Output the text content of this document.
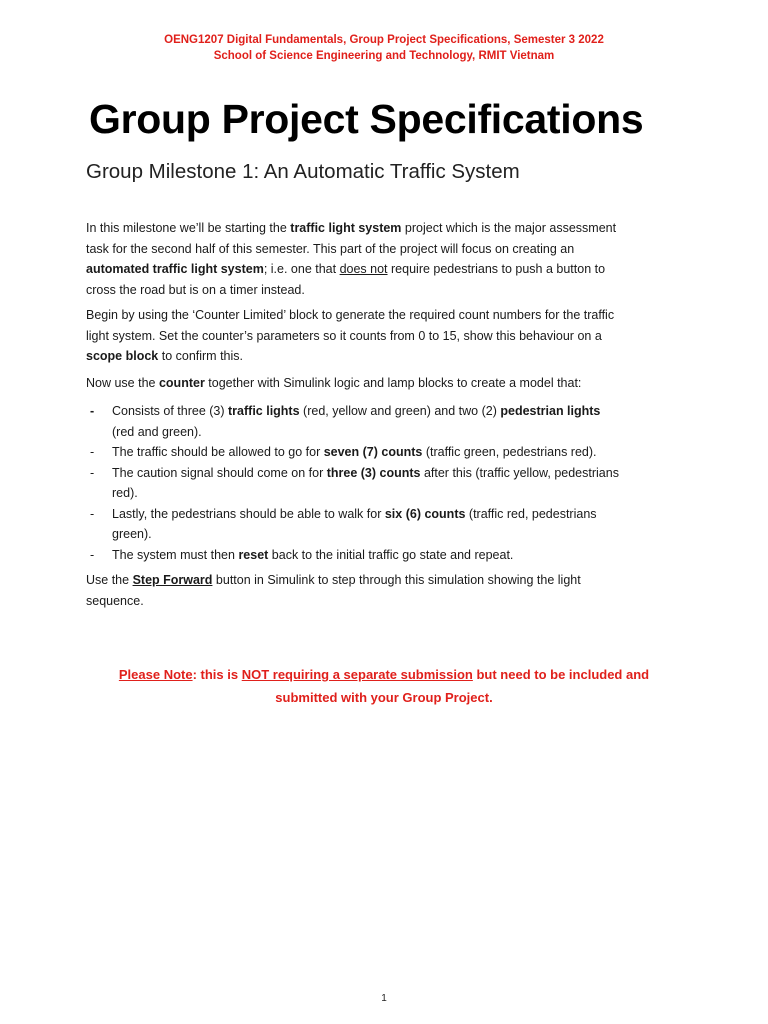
OENG1207 Digital Fundamentals, Group Project Specifications, Semester 3 2022
School of Science Engineering and Technology, RMIT Vietnam
Group Project Specifications
Group Milestone 1: An Automatic Traffic System
In this milestone we’ll be starting the traffic light system project which is the major assessment task for the second half of this semester. This part of the project will focus on creating an automated traffic light system; i.e. one that does not require pedestrians to push a button to cross the road but is on a timer instead.
Begin by using the ‘Counter Limited’ block to generate the required count numbers for the traffic light system. Set the counter’s parameters so it counts from 0 to 15, show this behaviour on a scope block to confirm this.
Now use the counter together with Simulink logic and lamp blocks to create a model that:
-	Consists of three (3) traffic lights (red, yellow and green) and two (2) pedestrian lights (red and green).
-	The traffic should be allowed to go for seven (7) counts (traffic green, pedestrians red).
-	The caution signal should come on for three (3) counts after this (traffic yellow, pedestrians red).
-	Lastly, the pedestrians should be able to walk for six (6) counts (traffic red, pedestrians green).
-	The system must then reset back to the initial traffic go state and repeat.
Use the Step Forward button in Simulink to step through this simulation showing the light sequence.
Please Note: this is NOT requiring a separate submission but need to be included and
submitted with your Group Project.
1
